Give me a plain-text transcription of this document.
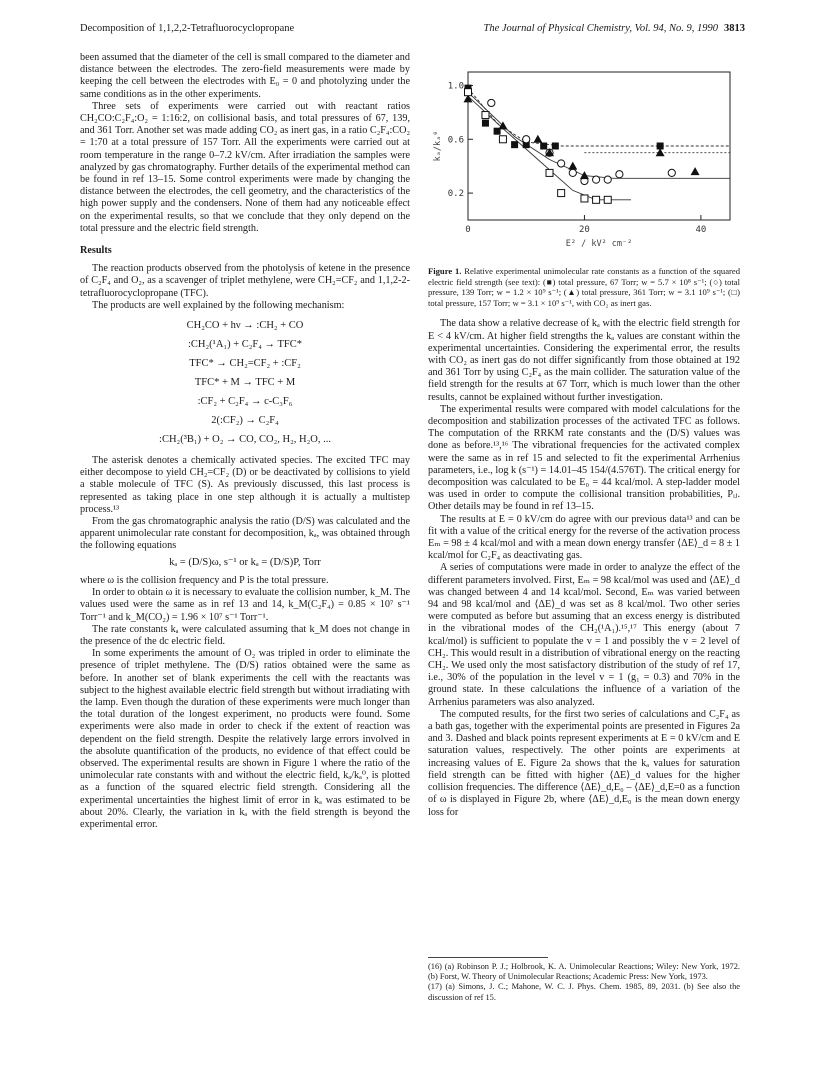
Decomposition of 1,1,2,2-Tetrafluorocyclopropane	The Journal of Physical Chemistry, Vol. 94, No. 9, 1990 3813

been assumed that the diameter of the cell is small compared to the diameter and distance between the electrodes. The zero-field measurements were made by keeping the cell between the electrodes with E₀ = 0 and photolyzing under the same conditions as in the other experiments.

Three sets of experiments were carried out with reactant ratios CH₂CO:C₂F₄:O₂ = 1:16:2, on collisional basis, and total pressures of 67, 139, and 361 Torr. Another set was made adding CO₂ as inert gas, in a ratio C₂F₄:CO₂ = 1:70 at a total pressure of 157 Torr. All the experiments were carried out at room temperature in the range 0–7.2 kV/cm. After irradiation the samples were analyzed by gas chromatography. Further details of the experimental method can be found in ref 13–15. Some control experiments were made by changing the distance between the electrodes, the cell geometry, and the characteristics of the high power supply and the condensers. None of them had any noticeable effect on the experimental results, so that we conclude that they only depend on the total pressure and the electric field strength.

Results

The reaction products observed from the photolysis of ketene in the presence of C₂F₄ and O₂, as a scavenger of triplet methylene, were CH₂=CF₂ and 1,1,2-2-tetrafluorocyclopropane (TFC).

The products are well explained by the following mechanism:

CH₂CO + hν → :CH₂ + CO
:CH₂(¹A₁) + C₂F₄ → TFC*
TFC* → CH₂=CF₂ + :CF₂
TFC* + M → TFC + M
:CF₂ + C₂F₄ → c-C₃F₆
2(:CF₂) → C₂F₄
:CH₂(³B₁) + O₂ → CO, CO₂, H₂, H₂O, ...

The asterisk denotes a chemically activated species. The excited TFC may either decompose to yield CH₂=CF₂ (D) or be deactivated by collisions to yield a stable molecule of TFC (S). As previously discussed, this last process is represented as taking place in one step although it is actually a multistep process.¹³

From the gas chromatographic analysis the ratio (D/S) was calculated and the apparent unimolecular rate constant for decomposition, kₐ, was obtained through the following equations

kₐ = (D/S)ω, s⁻¹ or kₐ = (D/S)P, Torr

where ω is the collision frequency and P is the total pressure.

In order to obtain ω it is necessary to evaluate the collision number, k_M. The values used were the same as in ref 13 and 14, k_M(C₂F₄) = 0.85 × 10⁷ s⁻¹ Torr⁻¹ and k_M(CO₂) = 1.96 × 10⁷ s⁻¹ Torr⁻¹.

The rate constants kₐ were calculated assuming that k_M does not change in the presence of the dc electric field.

In some experiments the amount of O₂ was tripled in order to eliminate the presence of triplet methylene. The (D/S) ratios obtained were the same as before. In another set of blank experiments the cell with the reactants was subject to the highest available electric field strength but without irradiating with the lamp. Even though the duration of these experiments were much longer than the total duration of the longest experiment, no products were found. Some experiments were also made in order to check if the extent of reaction was dependent on the field strength. Despite the relatively large errors involved in the absolute quantification of the products, no evidence of that effect could be observed. The experimental results are shown in Figure 1 where the ratio of the unimolecular rate constants with and without the electric field, kₐ/kₐ⁰, is plotted as a function of the squared electric field strength. Considering all the experimental uncertainties the highest limit of error in kₐ was estimated to be about 20%. Clearly, the variation in kₐ with the field strength is beyond the experimental error.

0	20	40
1.0
0.6
0.2
E² / kV² cm⁻²
kₐ/kₐ⁰
Figure 1. Relative experimental unimolecular rate constants as a function of the squared electric field strength (see text): (■) total pressure, 67 Torr; w = 5.7 × 10⁸ s⁻¹; (○) total pressure, 139 Torr; w = 1.2 × 10⁹ s⁻¹; (▲) total pressure, 361 Torr; w = 3.1 10⁹ s⁻¹; (□) total pressure, 157 Torr; w = 3.1 × 10⁹ s⁻¹, with CO₂ as inert gas.

The data show a relative decrease of kₐ with the electric field strength for E < 4 kV/cm. At higher field strengths the kₐ values are constant within the experimental uncertainties. Considering the experimental error, the results with CO₂ as inert gas do not differ significantly from those obtained at 192 and 361 Torr by using C₂F₄ as the main collider. The saturation value of the field strength for the results at 67 Torr, which is much lower than the other results, cannot be explained without further investigation.

The experimental results were compared with model calculations for the decomposition and stabilization processes of the activated TFC as follows. The computation of the RRKM rate constants and the (D/S) values was done as before.¹³,¹⁶ The vibrational frequencies for the activated complex were the same as in ref 15 and selected to fit the experimental Arrhenius parameters, i.e., log k (s⁻¹) = 14.01–45 154/(4.576T). The critical energy for decomposition was calculated to be E₀ = 44 kcal/mol. A step-ladder model was used in order to compute the collisional transition probabilities, Pᵢⱼ. Other details may be found in ref 13–15.

The results at E = 0 kV/cm do agree with our previous data¹³ and can be fit with a value of the critical energy for the reverse of the activation process Eₘ = 98 ± 4 kcal/mol and with a mean down energy transfer ⟨ΔE⟩_d = 8 ± 1 kcal/mol for C₂F₄ as deactivating gas.

A series of computations were made in order to analyze the effect of the different parameters involved. First, Eₘ = 98 kcal/mol was used and ⟨ΔE⟩_d was changed between 4 and 14 kcal/mol. Second, Eₘ was varied between 94 and 98 kcal/mol and ⟨ΔE⟩_d was set as 8 kcal/mol. Two other series were computed as before but assuming that an excess energy is distributed in the vibrational modes of the CH₂(¹A₁).¹⁵,¹⁷ This energy (about 7 kcal/mol) is sufficient to populate the v = 1 and possibly the v = 2 level of CH₂. This would result in a distribution of vibrational energy on the reacting CH₂. We used only the most satisfactory distribution of the study of ref 17, i.e., 30% of the population in the level v = 1 (g₁ = 0.3) and 70% in the ground state. In these calculations the influence of a variation of the Arrhenius parameters was also analyzed.

The computed results, for the first two series of calculations and C₂F₄ as a bath gas, together with the experimental points are presented in Figures 2a and 3. Dashed and black points represent experiments at E = 0 kV/cm and E saturation values, respectively. The other points are experiments at increasing values of E. Figure 2a shows that the kₐ values for saturation field strength can be fitted with higher ⟨ΔE⟩_d values for the higher collision frequencies. The difference ⟨ΔE⟩_d,E₀ – ⟨ΔE⟩_d,E=0 as a function of ω is displayed in Figure 2b, where ⟨ΔE⟩_d,E₀ is the mean down energy loss for

(16) (a) Robinson P. J.; Holbrook, K. A. Unimolecular Reactions; Wiley: New York, 1972. (b) Forst, W. Theory of Unimolecular Reactions; Academic Press: New York, 1973.
(17) (a) Simons, J. C.; Mahone, W. C. J. Phys. Chem. 1985, 89, 2031. (b) See also the discussion of ref 15.
